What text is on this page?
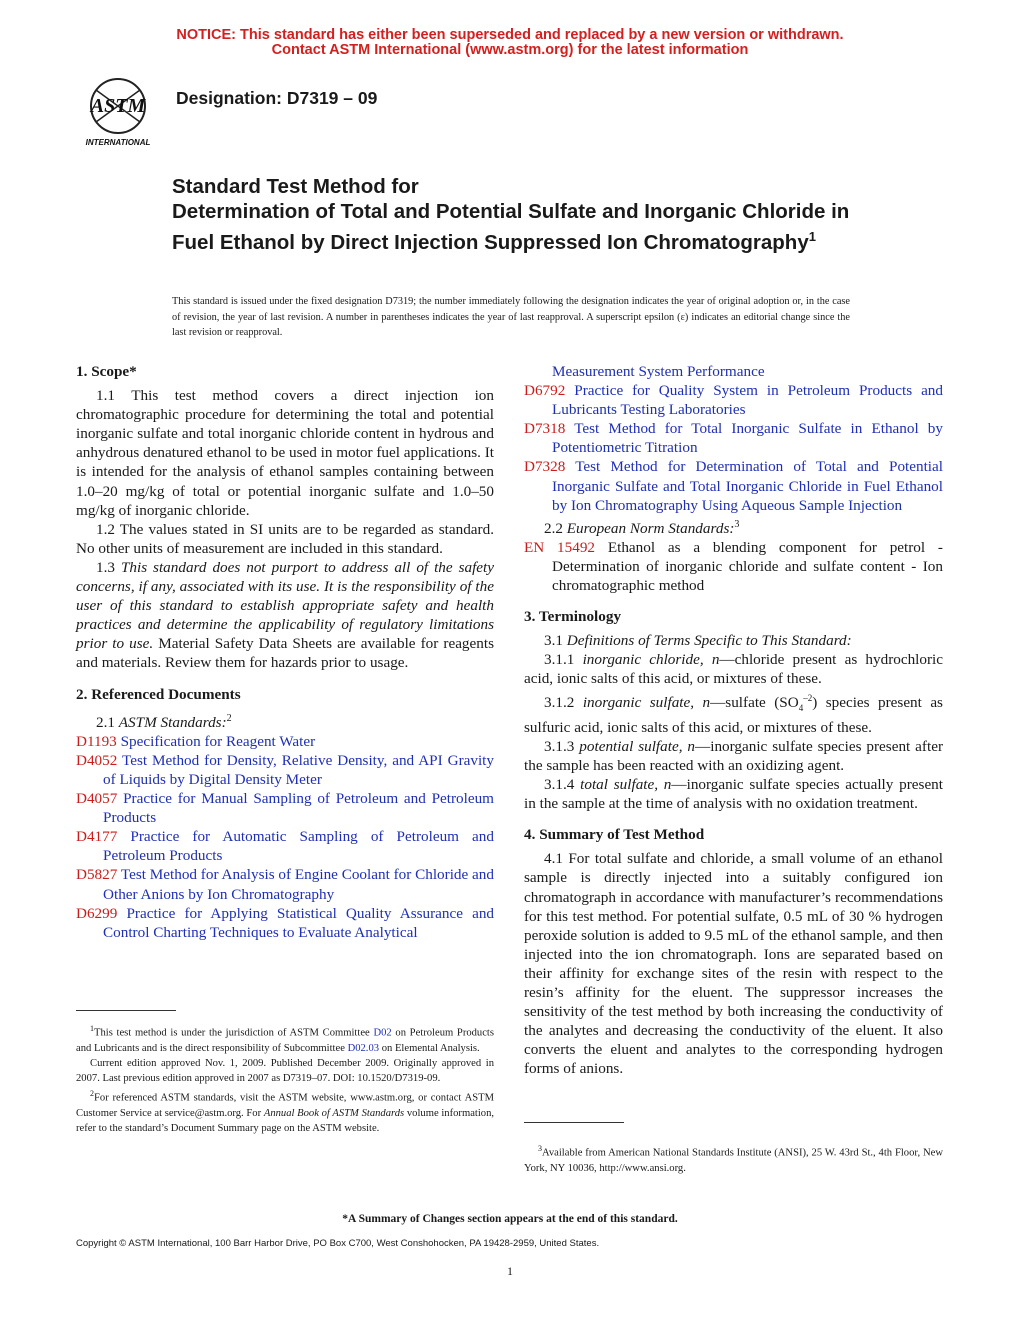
NOTICE: This standard has either been superseded and replaced by a new version or withdrawn.
Contact ASTM International (www.astm.org) for the latest information
ASTM
INTERNATIONAL
Designation: D7319 – 09
Standard Test Method for
Determination of Total and Potential Sulfate and Inorganic Chloride in Fuel Ethanol by Direct Injection Suppressed Ion Chromatography$^1$
This standard is issued under the fixed designation D7319; the number immediately following the designation indicates the year of original adoption or, in the case of revision, the year of last revision. A number in parentheses indicates the year of last reapproval. A superscript epsilon (ε) indicates an editorial change since the last revision or reapproval.
1. Scope*

1.1 This test method covers a direct injection ion chromatographic procedure for determining the total and potential inorganic sulfate and total inorganic chloride content in hydrous and anhydrous denatured ethanol to be used in motor fuel applications. It is intended for the analysis of ethanol samples containing between 1.0–20 mg/kg of total or potential inorganic sulfate and 1.0–50 mg/kg of inorganic chloride.

1.2 The values stated in SI units are to be regarded as standard. No other units of measurement are included in this standard.

1.3 This standard does not purport to address all of the safety concerns, if any, associated with its use. It is the responsibility of the user of this standard to establish appropriate safety and health practices and determine the applicability of regulatory limitations prior to use. Material Safety Data Sheets are available for reagents and materials. Review them for hazards prior to usage.

2. Referenced Documents

2.1 ASTM Standards:$^2$

D1193 Specification for Reagent Water

D4052 Test Method for Density, Relative Density, and API Gravity of Liquids by Digital Density Meter

D4057 Practice for Manual Sampling of Petroleum and Petroleum Products

D4177 Practice for Automatic Sampling of Petroleum and Petroleum Products

D5827 Test Method for Analysis of Engine Coolant for Chloride and Other Anions by Ion Chromatography

D6299 Practice for Applying Statistical Quality Assurance and Control Charting Techniques to Evaluate Analytical

Measurement System Performance

D6792 Practice for Quality System in Petroleum Products and Lubricants Testing Laboratories

D7318 Test Method for Total Inorganic Sulfate in Ethanol by Potentiometric Titration

D7328 Test Method for Determination of Total and Potential Inorganic Sulfate and Total Inorganic Chloride in Fuel Ethanol by Ion Chromatography Using Aqueous Sample Injection

2.2 European Norm Standards:$^3$

EN 15492 Ethanol as a blending component for petrol - Determination of inorganic chloride and sulfate content - Ion chromatographic method

3. Terminology

3.1 Definitions of Terms Specific to This Standard:

3.1.1 inorganic chloride, n—chloride present as hydrochloric acid, ionic salts of this acid, or mixtures of these.

3.1.2 inorganic sulfate, n—sulfate $(SO_4^{-2})$ species present as sulfuric acid, ionic salts of this acid, or mixtures of these.

3.1.3 potential sulfate, n—inorganic sulfate species present after the sample has been reacted with an oxidizing agent.

3.1.4 total sulfate, n—inorganic sulfate species actually present in the sample at the time of analysis with no oxidation treatment.

4. Summary of Test Method

4.1 For total sulfate and chloride, a small volume of an ethanol sample is directly injected into a suitably configured ion chromatograph in accordance with manufacturer’s recommendations for this test method. For potential sulfate, 0.5 mL of 30 % hydrogen peroxide solution is added to 9.5 mL of the ethanol sample, and then injected into the ion chromatograph. Ions are separated based on their affinity for exchange sites of the resin with respect to the resin’s affinity for the eluent. The suppressor increases the sensitivity of the test method by both increasing the conductivity of the analytes and decreasing the conductivity of the eluent. It also converts the eluent and analytes to the corresponding hydrogen forms of anions.

$^1$This test method is under the jurisdiction of ASTM Committee D02 on Petroleum Products and Lubricants and is the direct responsibility of Subcommittee D02.03 on Elemental Analysis.

Current edition approved Nov. 1, 2009. Published December 2009. Originally approved in 2007. Last previous edition approved in 2007 as D7319–07. DOI: 10.1520/D7319-09.

$^2$For referenced ASTM standards, visit the ASTM website, www.astm.org, or contact ASTM Customer Service at service@astm.org. For Annual Book of ASTM Standards volume information, refer to the standard’s Document Summary page on the ASTM website.

$^3$Available from American National Standards Institute (ANSI), 25 W. 43rd St., 4th Floor, New York, NY 10036, http://www.ansi.org.

*A Summary of Changes section appears at the end of this standard.
Copyright © ASTM International, 100 Barr Harbor Drive, PO Box C700, West Conshohocken, PA 19428-2959, United States.
1
